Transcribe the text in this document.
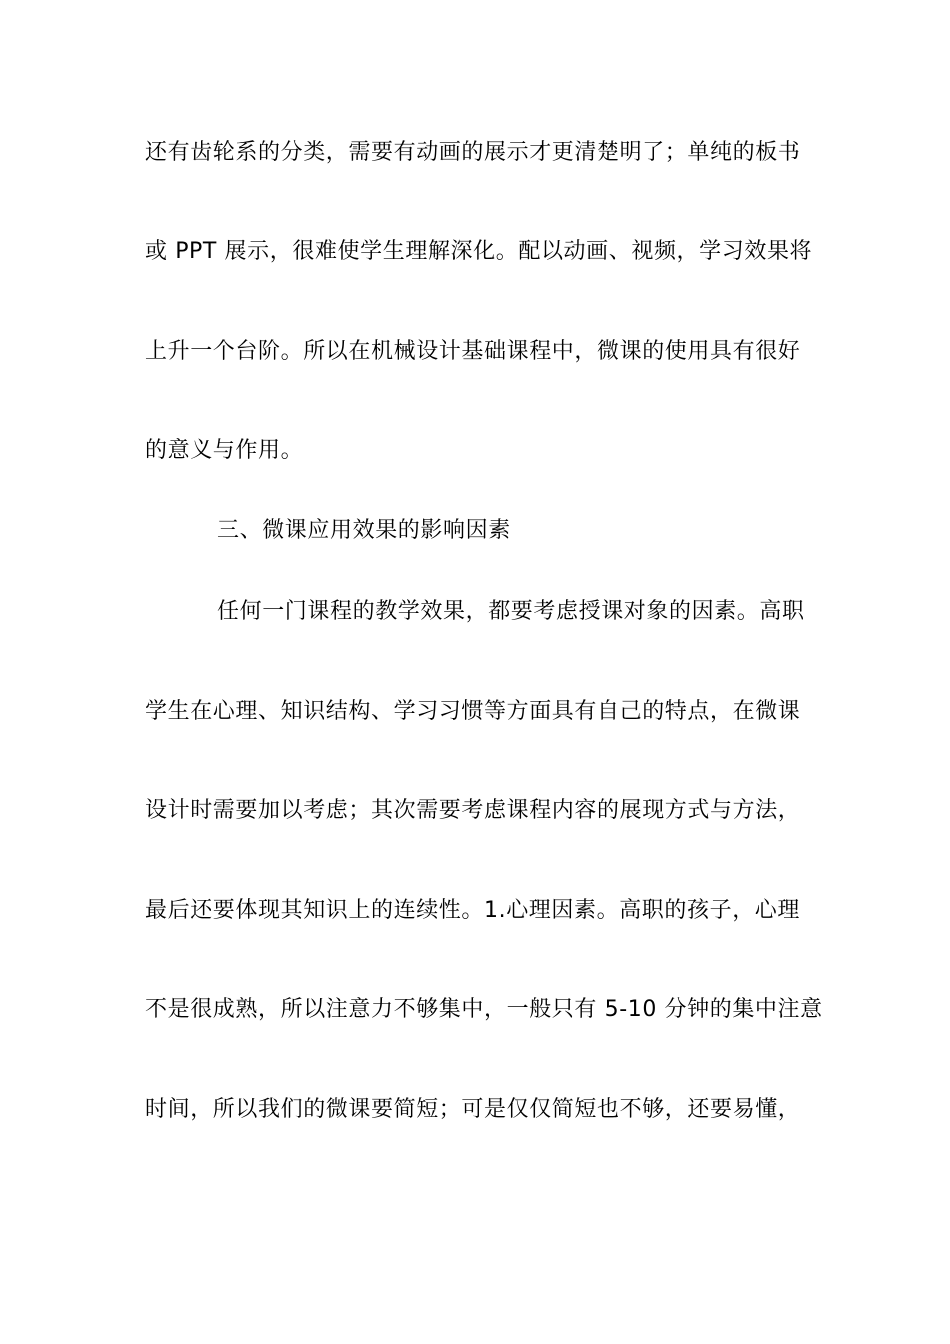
还有齿轮系的分类，需要有动画的展示才更清楚明了；单纯的板书
或 PPT 展示，很难使学生理解深化。配以动画、视频，学习效果将
上升一个台阶。所以在机械设计基础课程中，微课的使用具有很好
的意义与作用。
三、微课应用效果的影响因素
任何一门课程的教学效果，都要考虑授课对象的因素。高职
学生在心理、知识结构、学习习惯等方面具有自己的特点，在微课
设计时需要加以考虑；其次需要考虑课程内容的展现方式与方法，
最后还要体现其知识上的连续性。1.心理因素。高职的孩子，心理
不是很成熟，所以注意力不够集中，一般只有 5-10 分钟的集中注意
时间，所以我们的微课要简短；可是仅仅简短也不够，还要易懂，
